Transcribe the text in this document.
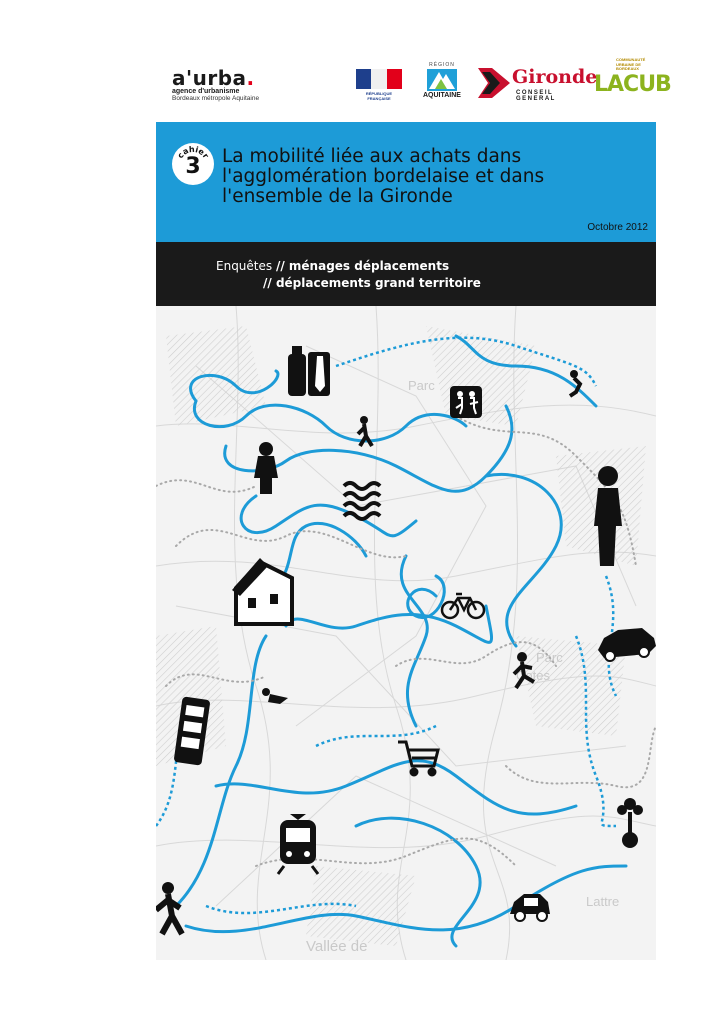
a'urba.
agence d'urbanisme
Bordeaux métropole Aquitaine
RÉPUBLIQUE FRANÇAISE
RÉGION
AQUITAINE
Gironde
CONSEIL GENERAL
COMMUNAUTÉ URBAINE DE BORDEAUX
LACUB
cahier
3	La mobilité liée aux achats dans
l'agglomération bordelaise et dans
l'ensemble de la Gironde
Octobre 2012
Enquêtes // ménages déplacements
// déplacements grand territoire
Parc
Parc
Cotes
Lattre
Vallée de
